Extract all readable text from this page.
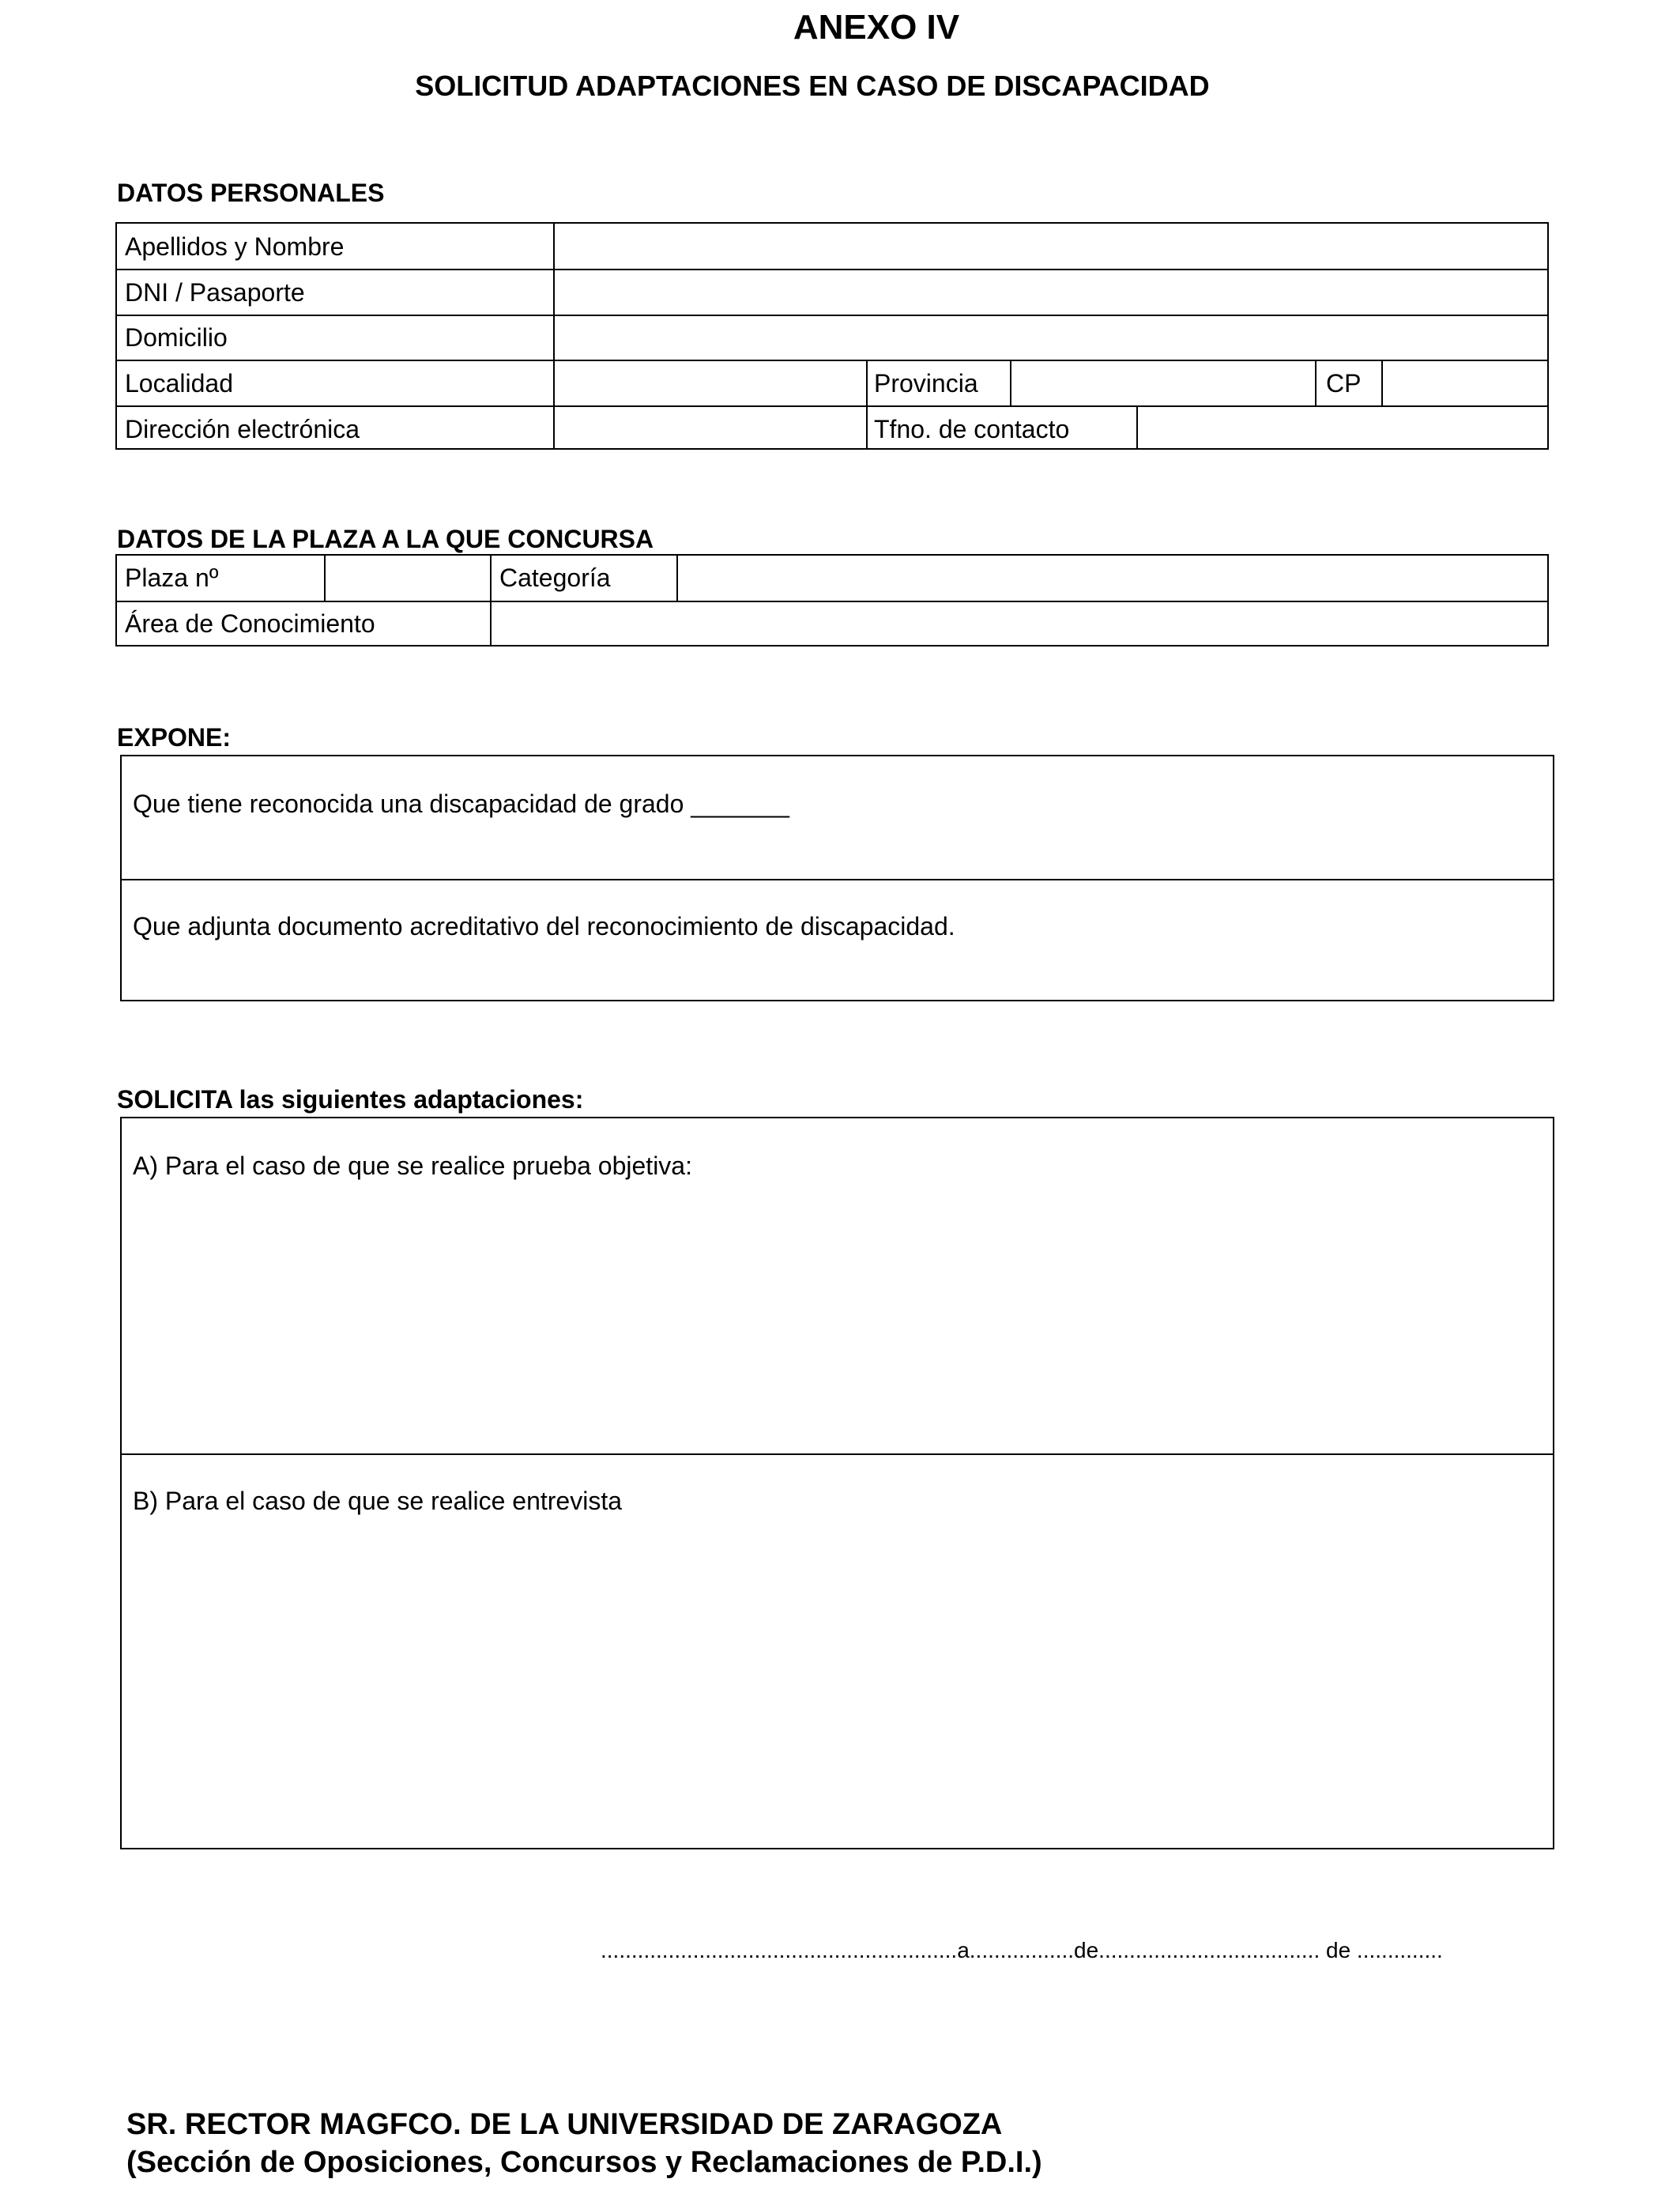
ANEXO IV
SOLICITUD ADAPTACIONES EN CASO DE DISCAPACIDAD
DATOS PERSONALES
Apellidos y Nombre
DNI / Pasaporte
Domicilio
Localidad	Provincia	CP
Dirección electrónica	Tfno. de contacto
DATOS DE LA PLAZA A LA QUE CONCURSA
Plaza nº	Categoría
Área de Conocimiento
EXPONE:
Que tiene reconocida una discapacidad de grado _______
Que adjunta documento acreditativo del reconocimiento de discapacidad.
SOLICITA las siguientes adaptaciones:
A) Para el caso de que se realice prueba objetiva:
B) Para el caso de que se realice entrevista
..........................................................a.................de.................................... de ..............
SR. RECTOR MAGFCO. DE LA UNIVERSIDAD DE ZARAGOZA
(Sección de Oposiciones, Concursos y Reclamaciones de P.D.I.)
